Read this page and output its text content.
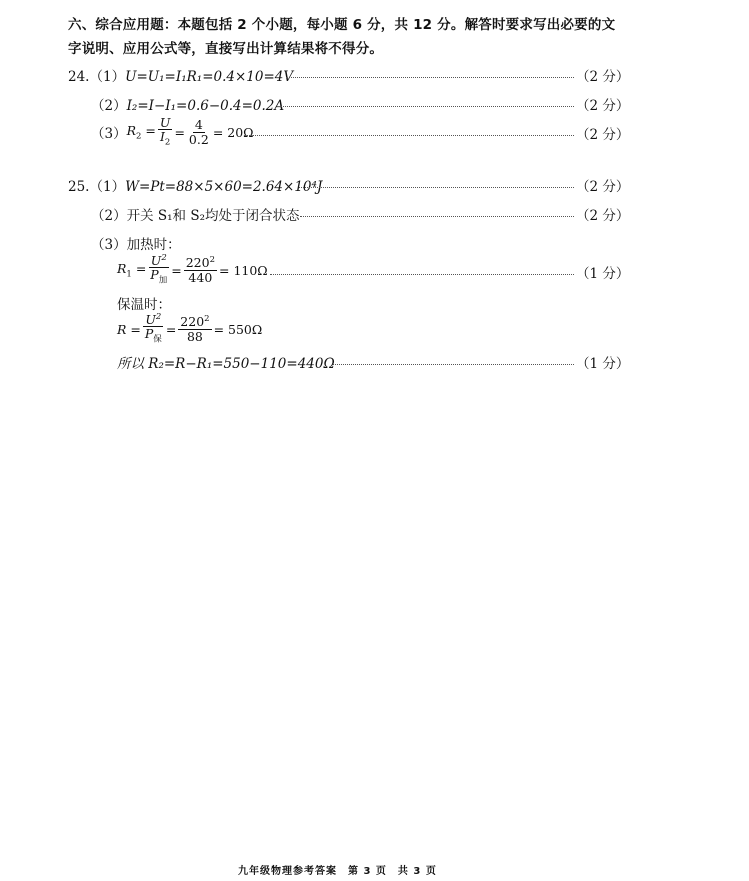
六、综合应用题：本题包括 2 个小题，每小题 6 分，共 12 分。解答时要求写出必要的文
字说明、应用公式等，直接写出计算结果将不得分。
24.（1）U=U₁=I₁R₁=0.4×10=4V	（2 分）
（2）I₂=I−I₁=0.6−0.4=0.2A	（2 分）
（3） $R_2 = \frac{U}{I_2} = \frac{4}{0.2} = 20\Omega$	（2 分）
25.（1）W=Pt=88×5×60=2.64×10⁴J	（2 分）
（2）开关 S₁和 S₂均处于闭合状态	（2 分）
（3）加热时：
$R_1 = \frac{U^2}{P_加} = \frac{220^2}{440} = 110\Omega$	（1 分）
保温时：
$R = \frac{U^2}{P_保} = \frac{220^2}{88} = 550\Omega$
所以 R₂=R−R₁=550−110=440Ω	（1 分）
九年级物理参考答案　第 3 页　共 3 页
